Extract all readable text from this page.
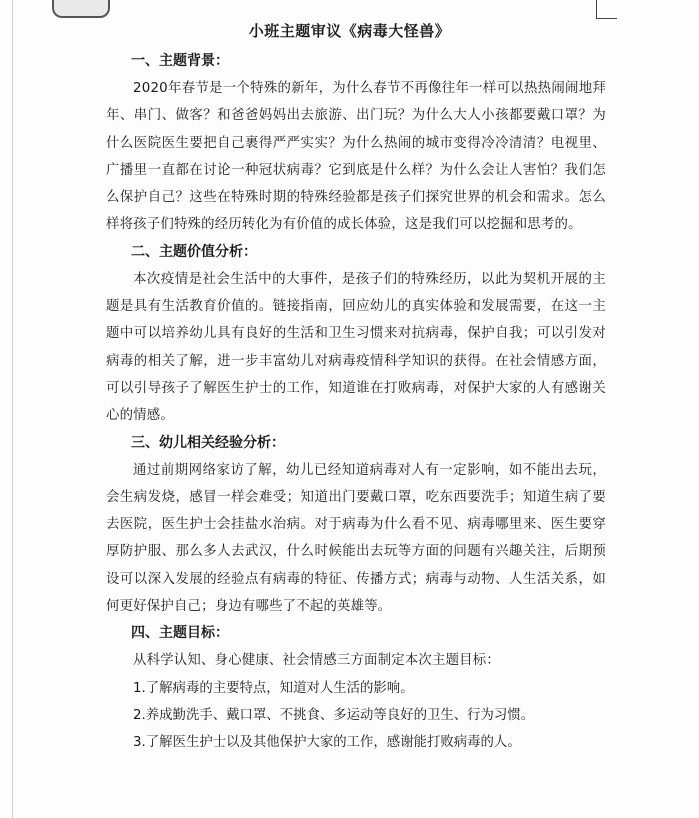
小班主题审议《病毒大怪兽》
一、主题背景：

2020年春节是一个特殊的新年，为什么春节不再像往年一样可以热热闹闹地拜年、串门、做客？和爸爸妈妈出去旅游、出门玩？为什么大人小孩都要戴口罩？为什么医院医生要把自己裹得严严实实？为什么热闹的城市变得冷冷清清？电视里、广播里一直都在讨论一种冠状病毒？它到底是什么样？为什么会让人害怕？我们怎么保护自己？这些在特殊时期的特殊经验都是孩子们探究世界的机会和需求。怎么样将孩子们特殊的经历转化为有价值的成长体验，这是我们可以挖掘和思考的。

二、主题价值分析：

本次疫情是社会生活中的大事件，是孩子们的特殊经历，以此为契机开展的主题是具有生活教育价值的。链接指南，回应幼儿的真实体验和发展需要，在这一主题中可以培养幼儿具有良好的生活和卫生习惯来对抗病毒，保护自我；可以引发对病毒的相关了解，进一步丰富幼儿对病毒疫情科学知识的获得。在社会情感方面，可以引导孩子了解医生护士的工作，知道谁在打败病毒，对保护大家的人有感谢关心的情感。

三、幼儿相关经验分析：

通过前期网络家访了解，幼儿已经知道病毒对人有一定影响，如不能出去玩，会生病发烧，感冒一样会难受；知道出门要戴口罩，吃东西要洗手；知道生病了要去医院，医生护士会挂盐水治病。对于病毒为什么看不见、病毒哪里来、医生要穿厚防护服、那么多人去武汉，什么时候能出去玩等方面的问题有兴趣关注，后期预设可以深入发展的经验点有病毒的特征、传播方式；病毒与动物、人生活关系，如何更好保护自己；身边有哪些了不起的英雄等。

四、主题目标：

从科学认知、身心健康、社会情感三方面制定本次主题目标：

1.了解病毒的主要特点，知道对人生活的影响。

2.养成勤洗手、戴口罩、不挑食、多运动等良好的卫生、行为习惯。

3.了解医生护士以及其他保护大家的工作，感谢能打败病毒的人。
